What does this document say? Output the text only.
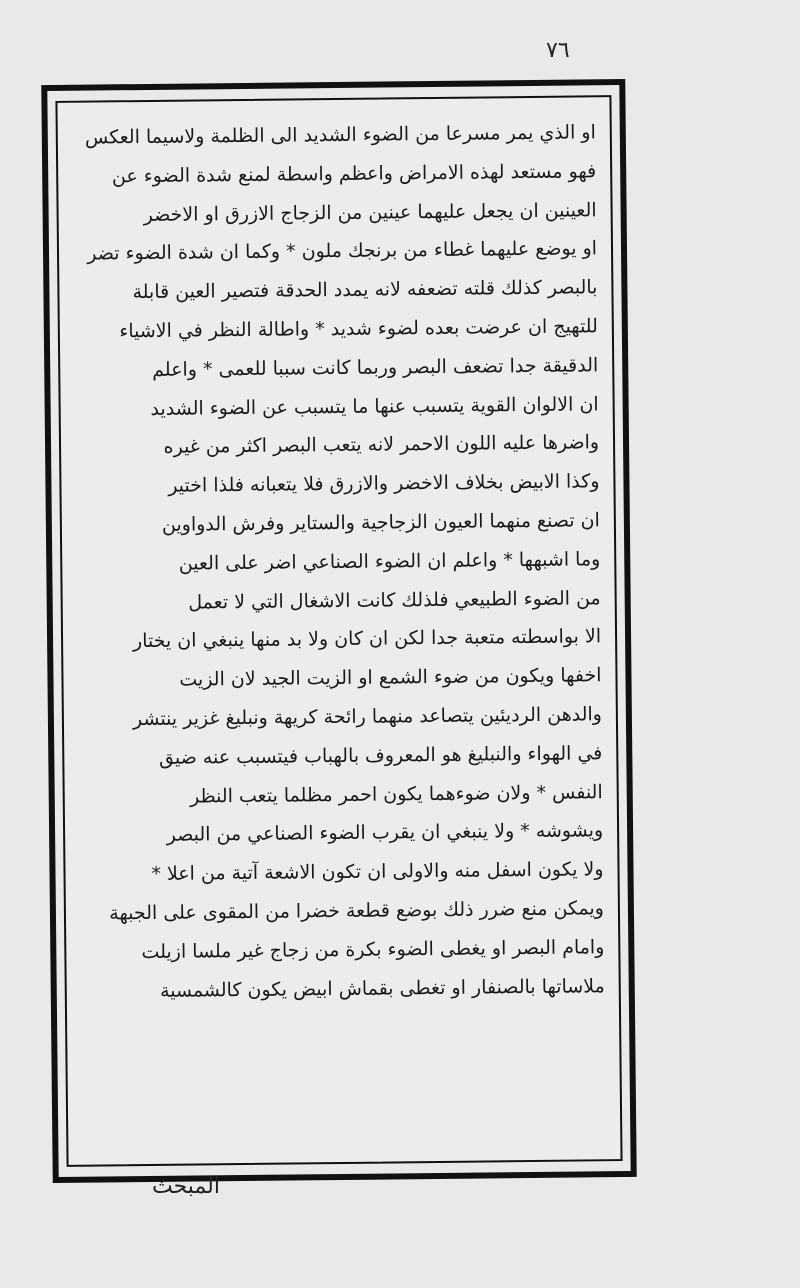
٧٦
او الذي يمر مسرعا من الضوء الشديد الى الظلمة ولاسيما العكس
فهو مستعد لهذه الامراض واعظم واسطة لمنع شدة الضوء عن
العينين ان يجعل عليهما عينين من الزجاج الازرق او الاخضر
او يوضع عليهما غطاء من برنجك ملون * وكما ان شدة الضوء تضر
بالبصر كذلك قلته تضعفه لانه يمدد الحدقة فتصير العين قابلة
للتهيج ان عرضت بعده لضوء شديد * واطالة النظر في الاشياء
الدقيقة جدا تضعف البصر وربما كانت سببا للعمى * واعلم
ان الالوان القوية يتسبب عنها ما يتسبب عن الضوء الشديد
واضرها عليه اللون الاحمر لانه يتعب البصر اكثر من غيره
وكذا الابيض بخلاف الاخضر والازرق فلا يتعبانه فلذا اختير
ان تصنع منهما العيون الزجاجية والستاير وفرش الدواوين
وما اشبهها * واعلم ان الضوء الصناعي اضر على العين
من الضوء الطبيعي فلذلك كانت الاشغال التي لا تعمل
الا بواسطته متعبة جدا لكن ان كان ولا بد منها ينبغي ان يختار
اخفها ويكون من ضوء الشمع او الزيت الجيد لان الزيت
والدهن الرديئين يتصاعد منهما رائحة كريهة ونبليغ غزير ينتشر
في الهواء والنبليغ هو المعروف بالهباب فيتسبب عنه ضيق
النفس * ولان ضوءهما يكون احمر مظلما يتعب النظر
ويشوشه * ولا ينبغي ان يقرب الضوء الصناعي من البصر
ولا يكون اسفل منه والاولى ان تكون الاشعة آتية من اعلا *
ويمكن منع ضرر ذلك بوضع قطعة خضرا من المقوى على الجبهة
وامام البصر او يغطى الضوء بكرة من زجاج غير ملسا ازيلت
ملاساتها بالصنفار او تغطى بقماش ابيض يكون كالشمسية
المبحث
